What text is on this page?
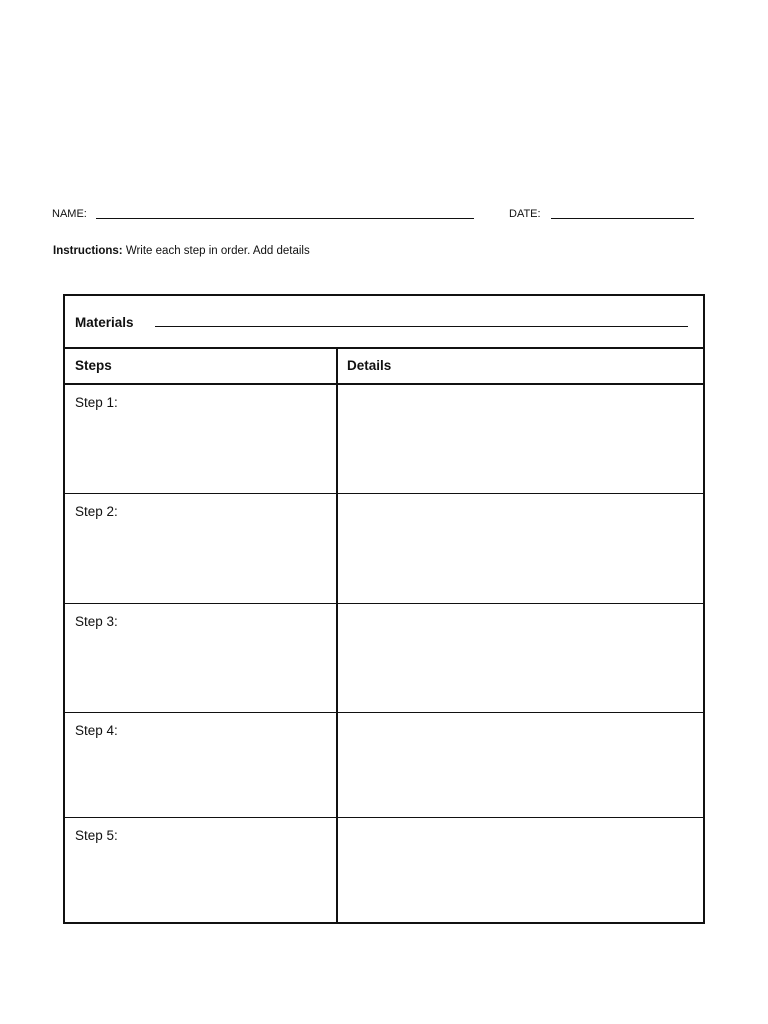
NAME:	DATE:
Instructions: Write each step in order. Add details
Materials
Steps	Details
Step 1:
Step 2:
Step 3:
Step 4:
Step 5:
